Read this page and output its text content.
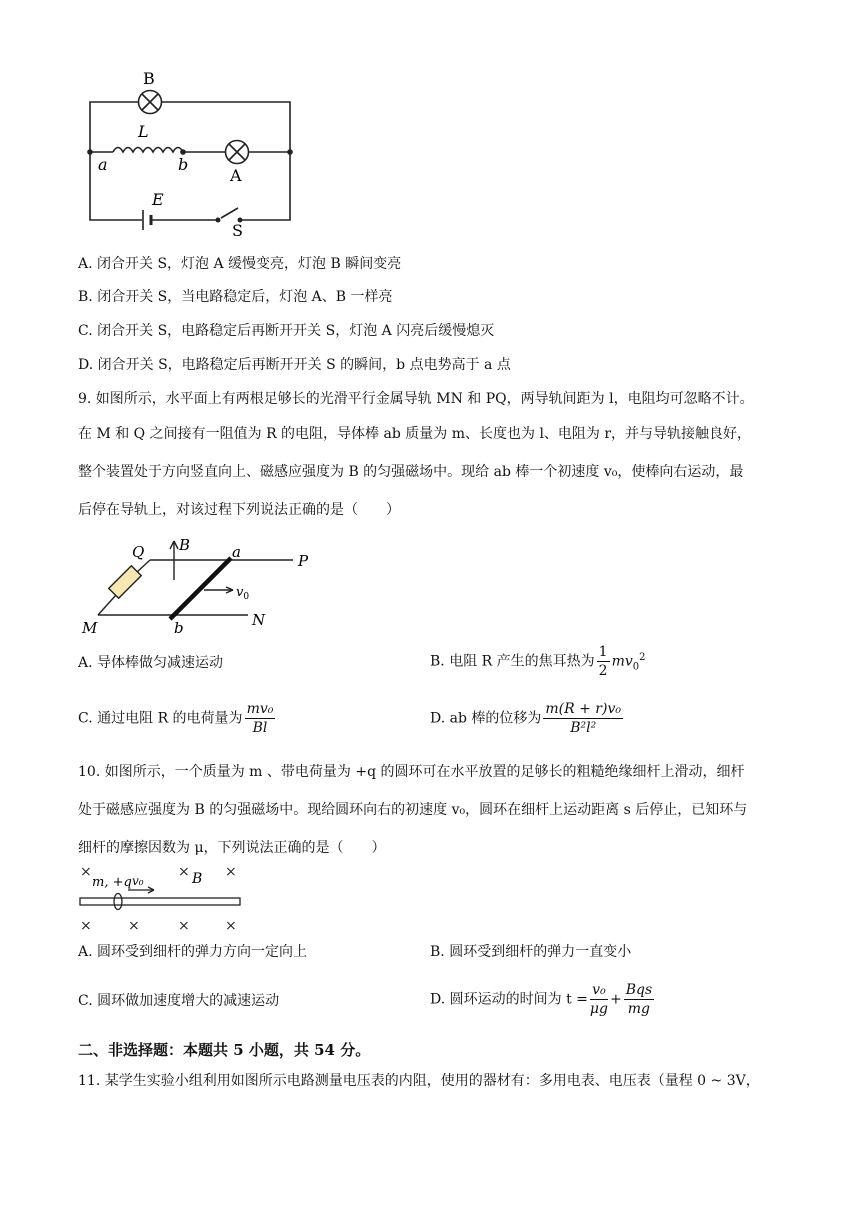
B
L
a	b
A
E
S
A. 闭合开关 S，灯泡 A 缓慢变亮，灯泡 B 瞬间变亮
B. 闭合开关 S，当电路稳定后，灯泡 A、B 一样亮
C. 闭合开关 S，电路稳定后再断开开关 S，灯泡 A 闪亮后缓慢熄灭
D. 闭合开关 S，电路稳定后再断开开关 S 的瞬间，b 点电势高于 a 点
9. 如图所示，水平面上有两根足够长的光滑平行金属导轨 MN 和 PQ，两导轨间距为 l，电阻均可忽略不计。
在 M 和 Q 之间接有一阻值为 R 的电阻，导体棒 ab 质量为 m、长度也为 l、电阻为 r，并与导轨接触良好，
整个装置处于方向竖直向上、磁感应强度为 B 的匀强磁场中。现给 ab 棒一个初速度 v₀，使棒向右运动，最
后停在导轨上，对该过程下列说法正确的是（　　）
Q B	a	P
$v_0$
M	b	N
A. 导体棒做匀减速运动	B. 电阻 R 产生的焦耳热为 $\frac{1}{2} mv_0^2$
C. 通过电阻 R 的电荷量为 $\frac{\text{mv₀}}{Bl}$	D. ab 棒的位移为 $\frac{\text{m(R + r)v₀}}{\text{B²l²}}$
10. 如图所示，一个质量为 m 、带电荷量为 +q 的圆环可在水平放置的足够长的粗糙绝缘细杆上滑动，细杆
处于磁感应强度为 B 的匀强磁场中。现给圆环向右的初速度 v₀，圆环在细杆上运动距离 s 后停止，已知环与
细杆的摩擦因数为 μ，下列说法正确的是（　　）
×	×	×
×	×	×	×
m, +q v₀	B
A. 圆环受到细杆的弹力方向一定向上	B. 圆环受到细杆的弹力一直变小
C. 圆环做加速度增大的减速运动	D. 圆环运动的时间为 $t = \frac{\text{v₀}}{\mu g} + \frac{\text{Bqs}}{mg}$
二、非选择题：本题共 5 小题，共 54 分。
11. 某学生实验小组利用如图所示电路测量电压表的内阻，使用的器材有：多用电表、电压表（量程 0 ~ 3V，
